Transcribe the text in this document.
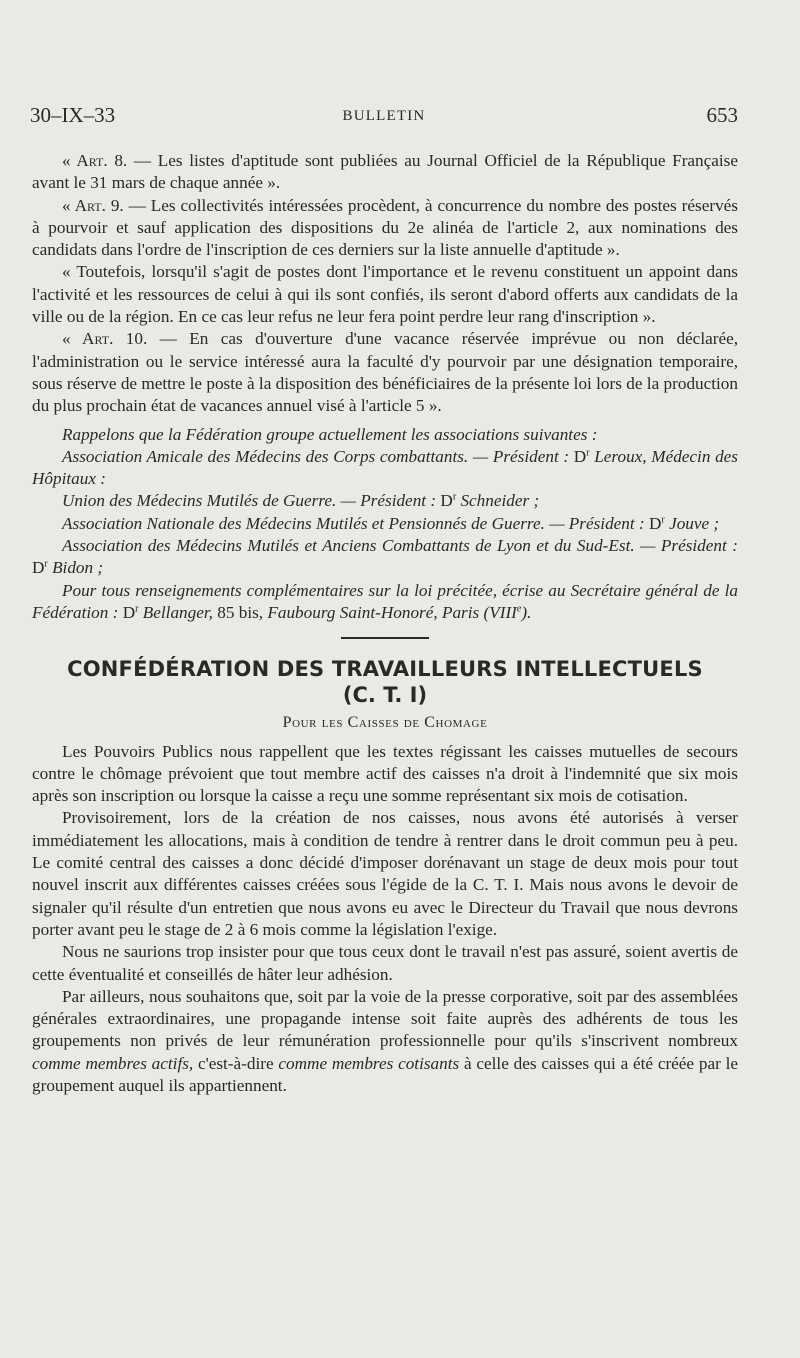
30–IX–33	BULLETIN	653

« Art. 8. — Les listes d'aptitude sont publiées au Journal Officiel de la République Française avant le 31 mars de chaque année ».

« Art. 9. — Les collectivités intéressées procèdent, à concurrence du nombre des postes réservés à pourvoir et sauf application des dispositions du 2e alinéa de l'article 2, aux nominations des candidats dans l'ordre de l'inscription de ces derniers sur la liste annuelle d'aptitude ».

« Toutefois, lorsqu'il s'agit de postes dont l'importance et le revenu constituent un appoint dans l'activité et les ressources de celui à qui ils sont confiés, ils seront d'abord offerts aux candidats de la ville ou de la région. En ce cas leur refus ne leur fera point perdre leur rang d'inscription ».

« Art. 10. — En cas d'ouverture d'une vacance réservée imprévue ou non déclarée, l'administration ou le service intéressé aura la faculté d'y pourvoir par une désignation temporaire, sous réserve de mettre le poste à la disposition des bénéficiaires de la présente loi lors de la production du plus prochain état de vacances annuel visé à l'article 5 ».

Rappelons que la Fédération groupe actuellement les associations suivantes :

Association Amicale des Médecins des Corps combattants. — Président : $D^r$ Leroux, Médecin des Hôpitaux :

Union des Médecins Mutilés de Guerre. — Président : $D^r$ Schneider ;

Association Nationale des Médecins Mutilés et Pensionnés de Guerre. — Président : $D^r$ Jouve ;

Association des Médecins Mutilés et Anciens Combattants de Lyon et du Sud-Est. — Président : $D^r$ Bidon ;

Pour tous renseignements complémentaires sur la loi précitée, écrise au Secrétaire général de la Fédération : $D^r$ Bellanger, 85 bis, Faubourg Saint-Honoré, Paris (VIIIe).

CONFÉDÉRATION DES TRAVAILLEURS INTELLECTUELS
(C. T. I)
Pour les Caisses de Chomage

Les Pouvoirs Publics nous rappellent que les textes régissant les caisses mutuelles de secours contre le chômage prévoient que tout membre actif des caisses n'a droit à l'indemnité que six mois après son inscription ou lorsque la caisse a reçu une somme représentant six mois de cotisation.

Provisoirement, lors de la création de nos caisses, nous avons été autorisés à verser immédiatement les allocations, mais à condition de tendre à rentrer dans le droit commun peu à peu. Le comité central des caisses a donc décidé d'imposer dorénavant un stage de deux mois pour tout nouvel inscrit aux différentes caisses créées sous l'égide de la C. T. I. Mais nous avons le devoir de signaler qu'il résulte d'un entretien que nous avons eu avec le Directeur du Travail que nous devrons porter avant peu le stage de 2 à 6 mois comme la législation l'exige.

Nous ne saurions trop insister pour que tous ceux dont le travail n'est pas assuré, soient avertis de cette éventualité et conseillés de hâter leur adhésion.

Par ailleurs, nous souhaitons que, soit par la voie de la presse corporative, soit par des assemblées générales extraordinaires, une propagande intense soit faite auprès des adhérents de tous les groupements non privés de leur rémunération professionnelle pour qu'ils s'inscrivent nombreux comme membres actifs, c'est-à-dire comme membres cotisants à celle des caisses qui a été créée par le groupement auquel ils appartiennent.
